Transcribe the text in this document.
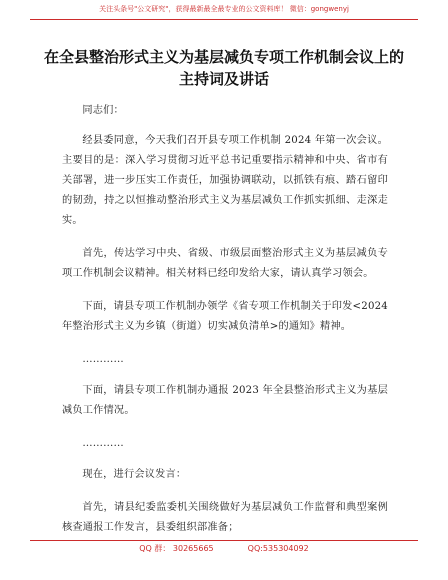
关注头条号"公文研究"，获得最新最全最专业的公文资料库！ 微信：gongwenyj
在全县整治形式主义为基层减负专项工作机制会议上的主持词及讲话

同志们：

经县委同意，今天我们召开县专项工作机制 2024 年第一次会议。主要目的是：深入学习贯彻习近平总书记重要指示精神和中央、省市有关部署，进一步压实工作责任，加强协调联动，以抓铁有痕、踏石留印的韧劲，持之以恒推动整治形式主义为基层减负工作抓实抓细、走深走实。

首先，传达学习中央、省级、市级层面整治形式主义为基层减负专项工作机制会议精神。相关材料已经印发给大家，请认真学习领会。

下面，请县专项工作机制办领学《省专项工作机制关于印发<2024 年整治形式主义为乡镇（街道）切实减负清单>的通知》精神。

…………

下面，请县专项工作机制办通报 2023 年全县整治形式主义为基层减负工作情况。

…………

现在，进行会议发言：

首先，请县纪委监委机关围绕做好为基层减负工作监督和典型案例核查通报工作发言，县委组织部准备；

QQ 群： 30265665	QQ:535304092
